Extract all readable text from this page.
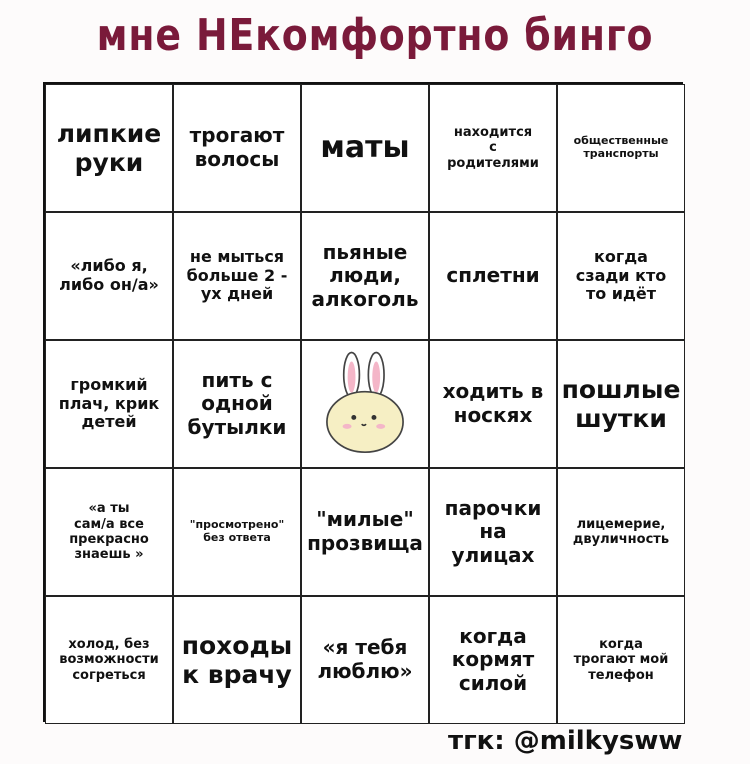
мне НЕкомфортно бинго
липкие
руки
трогают
волосы маты	находится
с
родителями
общественные
транспорты
«либо я,
либо он/а»
не мыться
больше 2 -
ух дней
пьяные
люди,
алкоголь
сплетни
когда
сзади кто
то идёт
громкий
плач, крик
детей
пить с
одной
бутылки
ходить в
носкях
пошлые
шутки
«а ты
сам/а все
прекрасно
знаешь »
"просмотрено"
без ответа
"милые"
прозвища
парочки
на
улицах
лицемерие,
двуличность
холод, без
возможности
согреться
походы
к врачу
«я тебя
люблю»
когда
кормят
силой
когда
трогают мой
телефон
тгк: @milkysww
